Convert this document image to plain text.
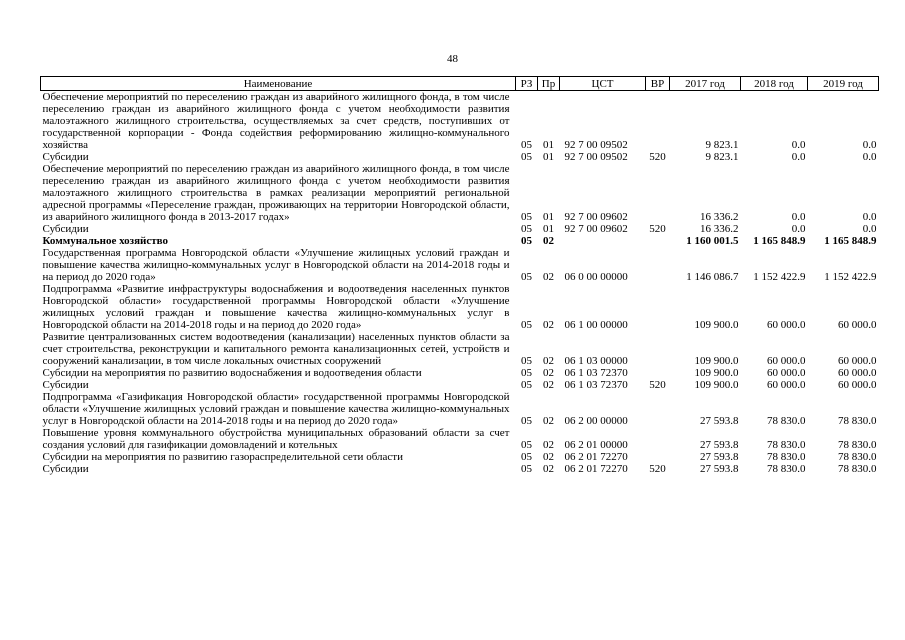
48
Наименование	РЗ	Пр	ЦСТ	ВР	2017 год	2018 год	2019 год
Обеспечение мероприятий по переселению граждан из аварийного жилищного фонда, в том числе переселению граждан из аварийного жилищного фонда с учетом необходимости развития малоэтажного жилищного строительства, осуществляемых за счет средств, поступивших от государственной корпорации - Фонда содействия реформированию жилищно-коммунального хозяйства	05	01	92 7 00 09502		9 823.1	0.0	0.0
Субсидии	05	01	92 7 00 09502	520	9 823.1	0.0	0.0
Обеспечение мероприятий по переселению граждан из аварийного жилищного фонда, в том числе переселению граждан из аварийного жилищного фонда с учетом необходимости развития малоэтажного жилищного строительства в рамках реализации мероприятий региональной адресной программы «Переселение граждан, проживающих на территории Новгородской области, из аварийного жилищного фонда в 2013-2017 годах»	05	01	92 7 00 09602		16 336.2	0.0	0.0
Субсидии	05	01	92 7 00 09602	520	16 336.2	0.0	0.0
Коммунальное хозяйство	05	02			1 160 001.5	1 165 848.9	1 165 848.9
Государственная программа Новгородской области «Улучшение жилищных условий граждан и повышение качества жилищно-коммунальных услуг в Новгородской области на 2014-2018 годы и на период до 2020 года»	05	02	06 0 00 00000		1 146 086.7	1 152 422.9	1 152 422.9
Подпрограмма «Развитие инфраструктуры водоснабжения и водоотведения населенных пунктов Новгородской области» государственной программы Новгородской области «Улучшение жилищных условий граждан и повышение качества жилищно-коммунальных услуг в Новгородской области на 2014-2018 годы и на период до 2020 года»	05	02	06 1 00 00000		109 900.0	60 000.0	60 000.0
Развитие централизованных систем водоотведения (канализации) населенных пунктов области за счет строительства, реконструкции и капитального ремонта канализационных сетей, устройств и сооружений канализации, в том числе локальных очистных сооружений	05	02	06 1 03 00000		109 900.0	60 000.0	60 000.0
Субсидии на мероприятия по развитию водоснабжения и водоотведения области	05	02	06 1 03 72370		109 900.0	60 000.0	60 000.0
Субсидии	05	02	06 1 03 72370	520	109 900.0	60 000.0	60 000.0
Подпрограмма «Газификация Новгородской области» государственной программы Новгородской области «Улучшение жилищных условий граждан и повышение качества жилищно-коммунальных услуг в Новгородской области на 2014-2018 годы и на период до 2020 года»	05	02	06 2 00 00000		27 593.8	78 830.0	78 830.0
Повышение уровня коммунального обустройства муниципальных образований области за счет создания условий для газификации домовладений и котельных	05	02	06 2 01 00000		27 593.8	78 830.0	78 830.0
Субсидии на мероприятия по развитию газораспределительной сети области	05	02	06 2 01 72270		27 593.8	78 830.0	78 830.0
Субсидии	05	02	06 2 01 72270	520	27 593.8	78 830.0	78 830.0
